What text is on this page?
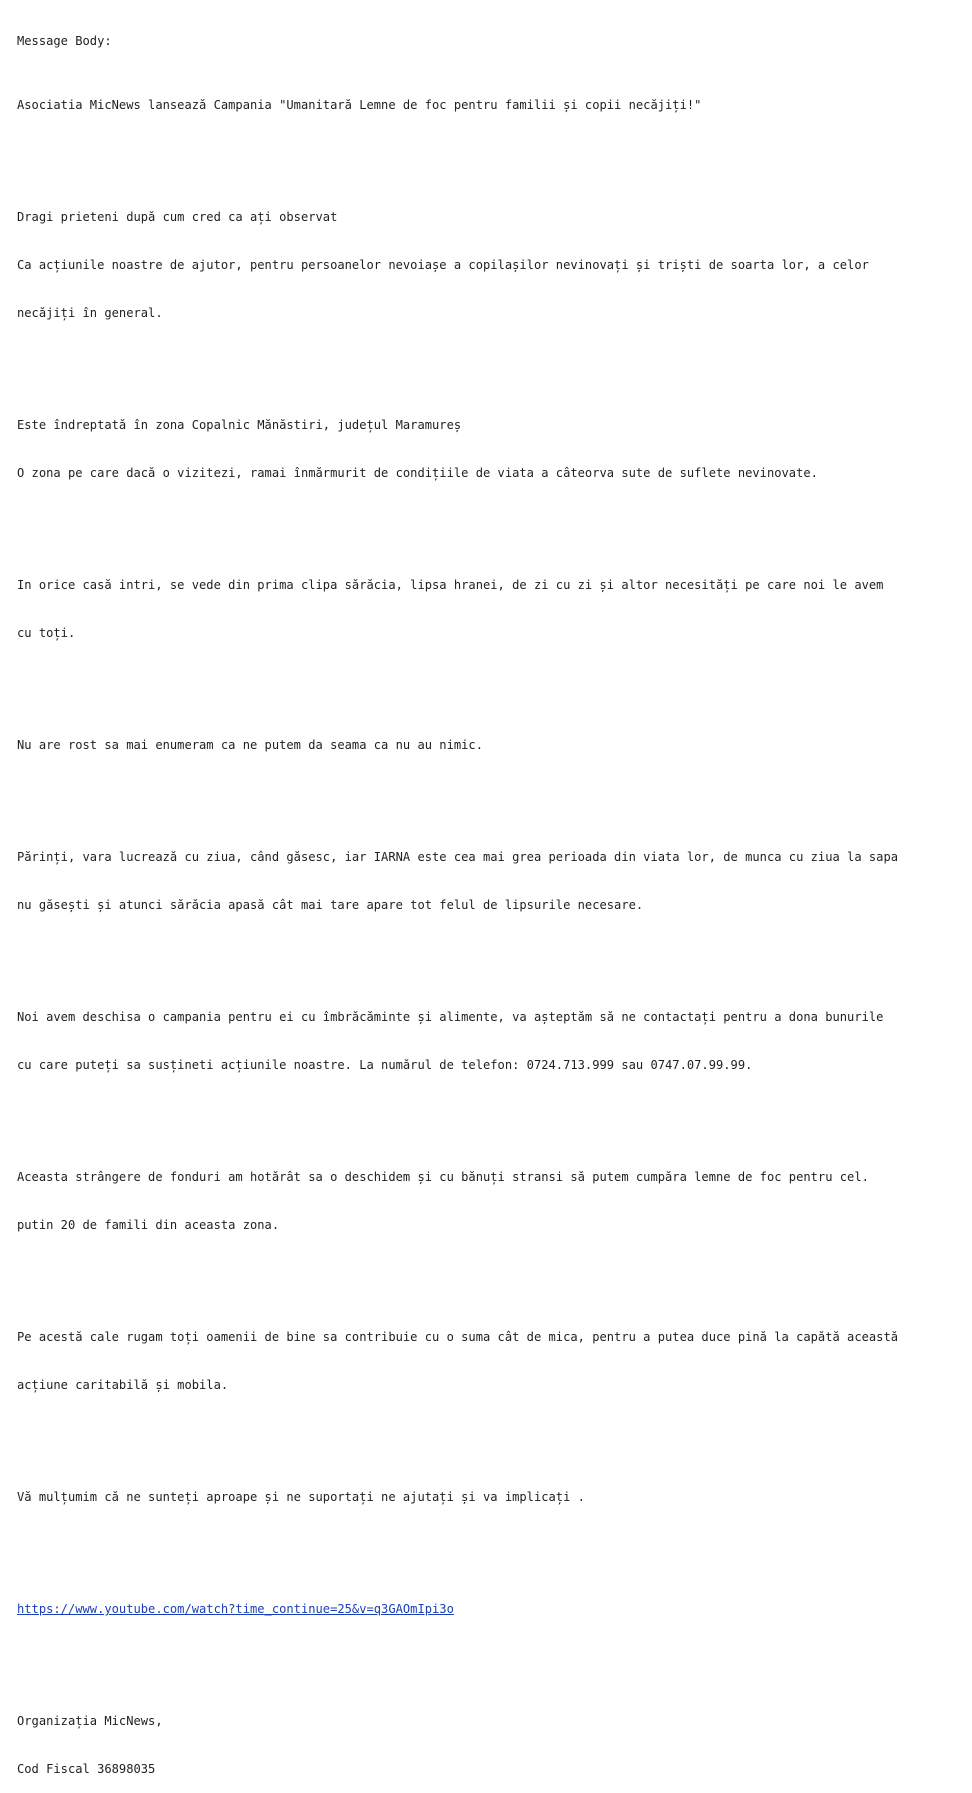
Message Body:

Asociatia MicNews lansează Campania "Umanitară Lemne de foc pentru familii și copii necăjiți!"

Dragi prieteni după cum cred ca ați observat

Ca acțiunile noastre de ajutor, pentru persoanelor nevoiașe a copilașilor nevinovați și triști de soarta lor, a celor

necăjiți în general.

Este îndreptată în zona Copalnic Mănăstiri, județul Maramureș

O zona pe care dacă o vizitezi, ramai înmărmurit de condițiile de viata a câteorva sute de suflete nevinovate.

In orice casă intri, se vede din prima clipa sărăcia, lipsa hranei, de zi cu zi și altor necesități pe care noi le avem

cu toți.

Nu are rost sa mai enumeram ca ne putem da seama ca nu au nimic.

Părinți, vara lucrează cu ziua, când găsesc, iar IARNA este cea mai grea perioada din viata lor, de munca cu ziua la sapa

nu găsești și atunci sărăcia apasă cât mai tare apare tot felul de lipsurile necesare.

Noi avem deschisa o campania pentru ei cu îmbrăcăminte și alimente, va așteptăm să ne contactați pentru a dona bunurile

cu care puteți sa susțineti acțiunile noastre. La numărul de telefon: 0724.713.999 sau 0747.07.99.99.

Aceasta strângere de fonduri am hotărât sa o deschidem și cu bănuți stransi să putem cumpăra lemne de foc pentru cel.

putin 20 de famili din aceasta zona.

Pe acestă cale rugam toți oamenii de bine sa contribuie cu o suma cât de mica, pentru a putea duce pină la capătă această

acțiune caritabilă și mobila.

Vă mulțumim că ne sunteți aproape și ne suportați ne ajutați și va implicați .

https://www.youtube.com/watch?time_continue=25&v=q3GAOmIpi3o

Organizația MicNews,

Cod Fiscal 36898035
